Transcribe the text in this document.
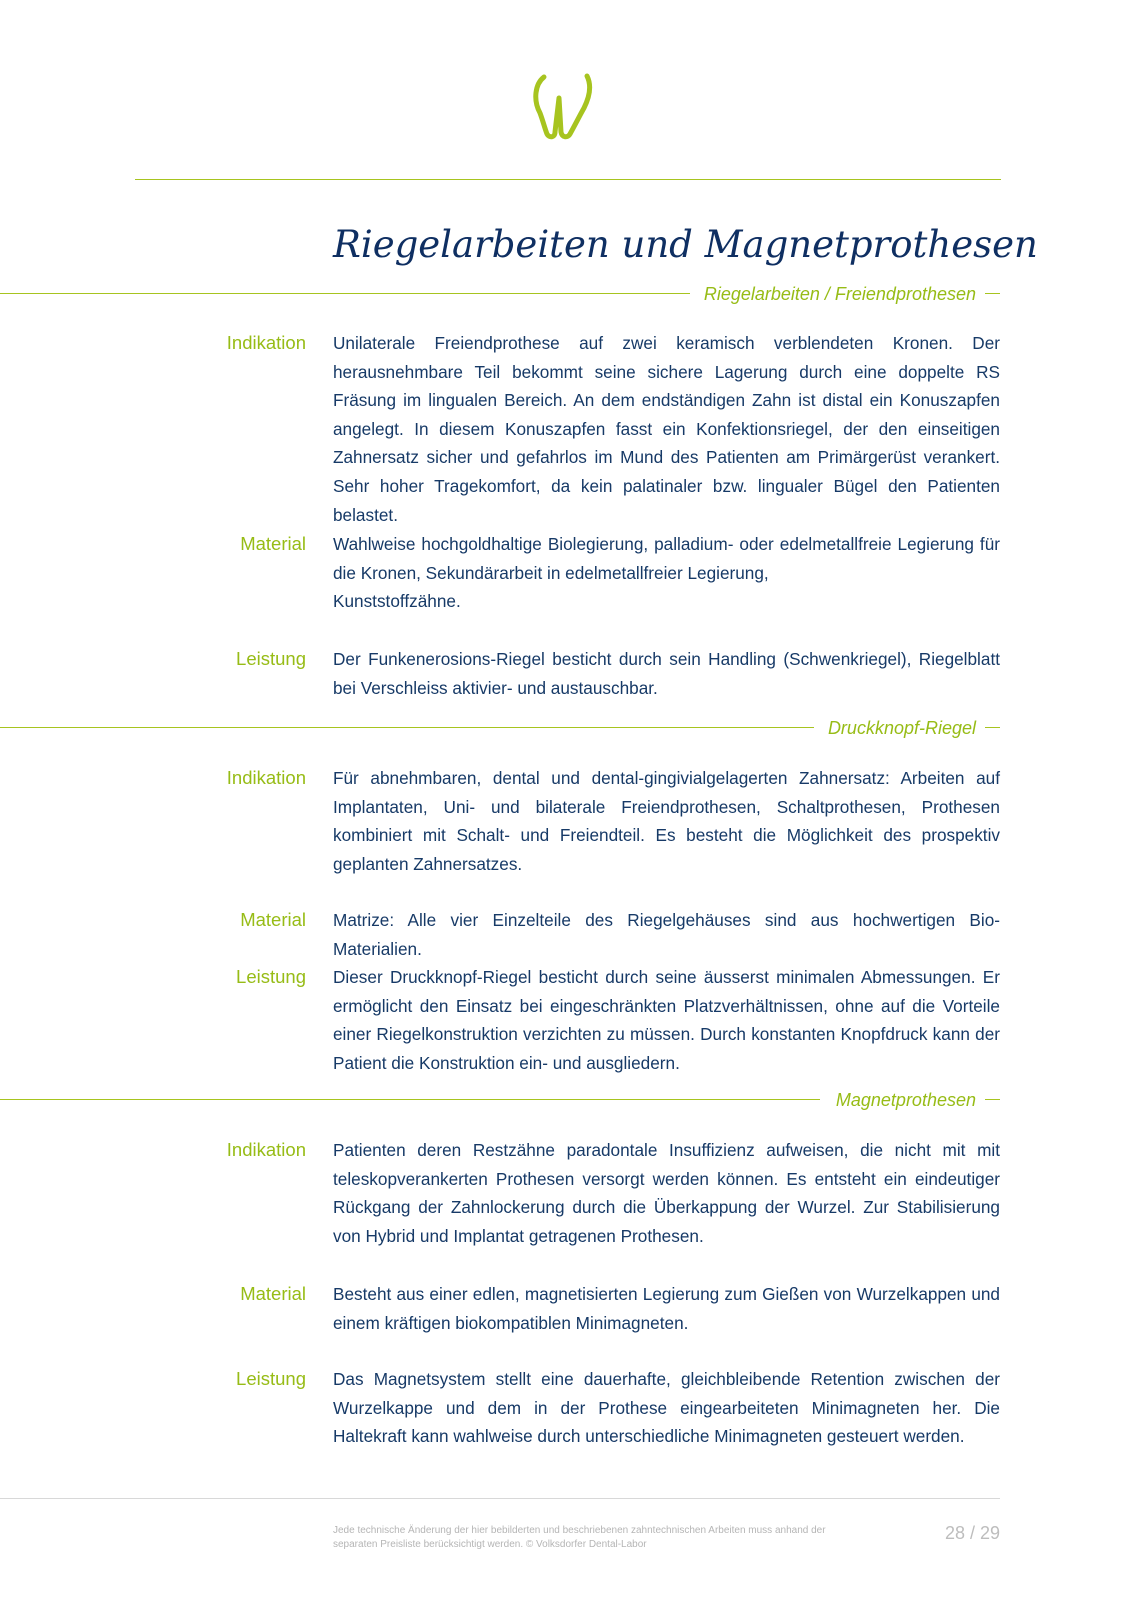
Riegelarbeiten und Magnetprothesen
Riegelarbeiten / Freiendprothesen
Indikation Unilaterale Freiendprothese auf zwei keramisch verblendeten Kronen. Der herausnehmbare Teil bekommt seine sichere Lagerung durch eine doppelte RS Fräsung im lingualen Bereich. An dem endständigen Zahn ist distal ein Konuszapfen angelegt. In diesem Konuszapfen fasst ein Konfektionsriegel, der den einseitigen Zahnersatz sicher und gefahrlos im Mund des Patienten am Primärgerüst verankert. Sehr hoher Tragekomfort, da kein palatinaler bzw. lingualer Bügel den Patienten belastet.
Material Wahlweise hochgoldhaltige Biolegierung, palladium- oder edelmetallfreie Legierung für die Kronen, Sekundärarbeit in edelmetallfreier Legierung,
Kunststoffzähne.
Leistung Der Funkenerosions-Riegel besticht durch sein Handling (Schwenkriegel), Riegelblatt bei Verschleiss aktivier- und austauschbar.
Druckknopf-Riegel
Indikation Für abnehmbaren, dental und dental-gingivialgelagerten Zahnersatz: Arbeiten auf Implantaten, Uni- und bilaterale Freiendprothesen, Schaltprothesen, Prothesen kombiniert mit Schalt- und Freiendteil. Es besteht die Möglichkeit des prospektiv geplanten Zahnersatzes.
Material Matrize: Alle vier Einzelteile des Riegelgehäuses sind aus hochwertigen Bio-Materialien.
Leistung Dieser Druckknopf-Riegel besticht durch seine äusserst minimalen Abmessungen. Er ermöglicht den Einsatz bei eingeschränkten Platzverhältnissen, ohne auf die Vorteile einer Riegelkonstruktion verzichten zu müssen. Durch konstanten Knopfdruck kann der Patient die Konstruktion ein- und ausgliedern.
Magnetprothesen
Indikation Patienten deren Restzähne paradontale Insuffizienz aufweisen, die nicht mit mit teleskopverankerten Prothesen versorgt werden können. Es entsteht ein eindeutiger Rückgang der Zahnlockerung durch die Überkappung der Wurzel. Zur Stabilisierung von Hybrid und Implantat getragenen Prothesen.
Material Besteht aus einer edlen, magnetisierten Legierung zum Gießen von Wurzelkappen und einem kräftigen biokompatiblen Minimagneten.
Leistung Das Magnetsystem stellt eine dauerhafte, gleichbleibende Retention zwischen der Wurzelkappe und dem in der Prothese eingearbeiteten Minimagneten her. Die Haltekraft kann wahlweise durch unterschiedliche Minimagneten gesteuert werden.
Jede technische Änderung der hier bebilderten und beschriebenen zahntechnischen Arbeiten muss anhand der separaten Preisliste berücksichtigt werden. © Volksdorfer Dental-Labor
28 / 29
